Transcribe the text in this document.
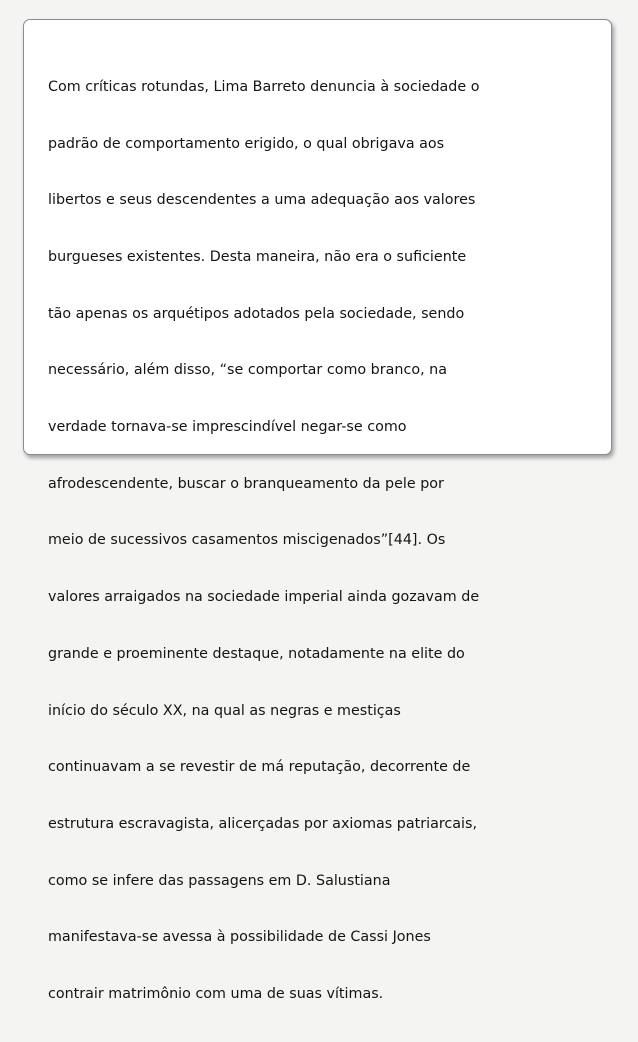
Com críticas rotundas, Lima Barreto denuncia à sociedade o

padrão de comportamento erigido, o qual obrigava aos

libertos e seus descendentes a uma adequação aos valores

burgueses existentes. Desta maneira, não era o suficiente

tão apenas os arquétipos adotados pela sociedade, sendo

necessário, além disso, “se comportar como branco, na

verdade tornava-se imprescindível negar-se como

afrodescendente, buscar o branqueamento da pele por

meio de sucessivos casamentos miscigenados”[44]. Os

valores arraigados na sociedade imperial ainda gozavam de

grande e proeminente destaque, notadamente na elite do

início do século XX, na qual as negras e mestiças

continuavam a se revestir de má reputação, decorrente de

estrutura escravagista, alicerçadas por axiomas patriarcais,

como se infere das passagens em D. Salustiana

manifestava-se avessa à possibilidade de Cassi Jones

contrair matrimônio com uma de suas vítimas.
